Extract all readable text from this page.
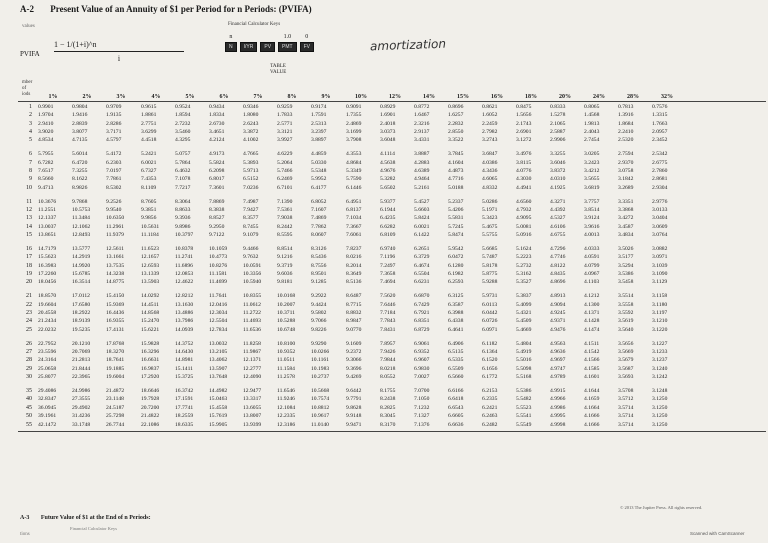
A-2 Present Value of an Annuity of $1 per Period for n Periods: (PVIFA)
values	Financial Calculator Keys
PVIFA
1 − 1/(1+i)^n
i
n
N	I/YR	PV
1.0
PMT
0
FV
TABLE
VALUE
amortization
mber
of
iods	1%	2%	3%	4%	5%	6%	7%	8%	9%	10%	12%	14%	15%	16%	18%	20%	24%	28%	32%
1 0.9901	0.9804	0.9709	0.9615	0.9524	0.9434	0.9346	0.9259	0.9174	0.9091	0.8929	0.8772	0.8696	0.8621	0.8475	0.8333	0.8065	0.7813	0.7576
2 1.9704	1.9416	1.9135	1.8861	1.8594	1.8334	1.8080	1.7833	1.7591	1.7355	1.6901	1.6467	1.6257	1.6052	1.5656	1.5278	1.4568	1.3916	1.3315
3 2.9410	2.8839	2.8286	2.7751	2.7232	2.6730	2.6243	2.5771	2.5313	2.4869	2.4018	2.3216	2.2832	2.2459	2.1743	2.1065	1.9813	1.8684	1.7663
4 3.9020	3.8077	3.7171	3.6299	3.5460	3.4651	3.3872	3.3121	3.2397	3.1699	3.0373	2.9137	2.8550	2.7982	2.6901	2.5887	2.4043	2.2410	2.0957
5 4.8534	4.7135	4.5797	4.4518	4.3295	4.2124	4.1002	3.9927	3.8897	3.7908	3.6048	3.4331	3.3522	3.2743	3.1272	2.9906	2.7454	2.5320	2.3452
6 5.7955	5.6014	5.4172	5.2421	5.0757	4.9173	4.7665	4.6229	4.4859	4.3553	4.1114	3.8887	3.7845	3.6847	3.4976	3.3255	3.0205	2.7594	2.5342
7 6.7282	6.4720	6.2303	6.0021	5.7864	5.5824	5.3893	5.2064	5.0330	4.8684	4.5638	4.2883	4.1604	4.0386	3.8115	3.6046	3.2423	2.9370	2.6775
8 7.6517	7.3255	7.0197	6.7327	6.4632	6.2098	5.9713	5.7466	5.5348	5.3349	4.9676	4.6389	4.4873	4.3436	4.0776	3.8372	3.4212	3.0758	2.7860
9 8.5660	8.1622	7.7861	7.4353	7.1078	6.8017	6.5152	6.2469	5.9952	5.7590	5.3282	4.9464	4.7716	4.6065	4.3030	4.0310	3.5655	3.1842	2.8681
10 9.4713	8.9826	8.5302	8.1109	7.7217	7.3601	7.0236	6.7101	6.4177	6.1446	5.6502	5.2161	5.0188	4.8332	4.4941	4.1925	3.6819	3.2689	2.9304
11 10.3676	9.7868	9.2526	8.7605	8.3064	7.8869	7.4987	7.1390	6.8052	6.4951	5.9377	5.4527	5.2337	5.0286	4.6560	4.3271	3.7757	3.3351	2.9776
12 11.2551	10.5753	9.9540	9.3851	8.8633	8.3838	7.9427	7.5361	7.1607	6.8137	6.1944	5.6603	5.4206	5.1971	4.7932	4.4392	3.8514	3.3868	3.0133
13 12.1337	11.3484	10.6350	9.9856	9.3936	8.8527	8.3577	7.9038	7.4869	7.1034	6.4235	5.8424	5.5831	5.3423	4.9095	4.5327	3.9124	3.4272	3.0404
14 13.0037	12.1062	11.2961	10.5631	9.8986	9.2950	8.7455	8.2442	7.7862	7.3667	6.6282	6.0021	5.7245	5.4675	5.0081	4.6106	3.9616	3.4587	3.0609
15 13.8651	12.8493	11.9379	11.1184	10.3797	9.7122	9.1079	8.5595	8.0607	7.6061	6.8109	6.1422	5.8474	5.5755	5.0916	4.6755	4.0013	3.4834	3.0764
16 14.7179	13.5777	12.5611	11.6523	10.8378	10.1059	9.4466	8.8514	8.3126	7.8237	6.9740	6.2651	5.9542	5.6685	5.1624	4.7296	4.0333	3.5026	3.0882
17 15.5623	14.2919	13.1661	12.1657	11.2741	10.4773	9.7632	9.1216	8.5436	8.0216	7.1196	6.3729	6.0472	5.7487	5.2223	4.7746	4.0591	3.5177	3.0971
18 16.3983	14.9920	13.7535	12.6593	11.6896	10.8276	10.0591	9.3719	8.7556	8.2014	7.2497	6.4674	6.1280	5.8178	5.2732	4.8122	4.0799	3.5294	3.1039
19 17.2260	15.6785	14.3238	13.1339	12.0853	11.1581	10.3356	9.6036	8.9501	8.3649	7.3658	6.5504	6.1982	5.8775	5.3162	4.8435	4.0967	3.5386	3.1090
20 18.0456	16.3514	14.8775	13.5903	12.4622	11.4699	10.5940	9.8181	9.1285	8.5136	7.4694	6.6231	6.2593	5.9288	5.3527	4.8696	4.1103	3.5458	3.1129
21 18.8570	17.0112	15.4150	14.0292	12.8212	11.7641	10.8355	10.0168	9.2922	8.6487	7.5620	6.6870	6.3125	5.9731	5.3837	4.8913	4.1212	3.5514	3.1158
22 19.6604	17.6580	15.9369	14.4511	13.1630	12.0416	11.0612	10.2007	9.4424	8.7715	7.6446	6.7429	6.3587	6.0113	5.4099	4.9094	4.1300	3.5558	3.1180
23 20.4558	18.2922	16.4436	14.8568	13.4886	12.3034	11.2722	10.3711	9.5802	8.8832	7.7184	6.7921	6.3988	6.0442	5.4321	4.9245	4.1371	3.5592	3.1197
24 21.2434	18.9139	16.9355	15.2470	13.7986	12.5504	11.4693	10.5288	9.7066	8.9847	7.7843	6.8351	6.4338	6.0726	5.4509	4.9371	4.1428	3.5619	3.1210
25 22.0232	19.5235	17.4131	15.6221	14.0939	12.7834	11.6536	10.6748	9.8226	9.0770	7.8431	6.8729	6.4641	6.0971	5.4669	4.9476	4.1474	3.5640	3.1220
26 22.7952	20.1210	17.8768	15.9828	14.3752	13.0032	11.8258	10.8100	9.9290	9.1609	7.8957	6.9061	6.4906	6.1182	5.4804	4.9563	4.1511	3.5656	3.1227
27 23.5596	20.7069	18.3270	16.3296	14.6430	13.2105	11.9867	10.9352	10.0266	9.2372	7.9426	6.9352	6.5135	6.1364	5.4919	4.9636	4.1542	3.5669	3.1233
28 24.3164	21.2813	18.7641	16.6631	14.8981	13.4062	12.1371	11.0511	10.1161	9.3066	7.9844	6.9607	6.5335	6.1520	5.5016	4.9697	4.1566	3.5679	3.1237
29 25.0658	21.8444	19.1885	16.9837	15.1411	13.5907	12.2777	11.1584	10.1983	9.3696	8.0218	6.9830	6.5509	6.1656	5.5098	4.9747	4.1585	3.5687	3.1240
30 25.8077	22.3965	19.6004	17.2920	15.3725	13.7648	12.4090	11.2578	10.2737	9.4269	8.0552	7.0027	6.5660	6.1772	5.5168	4.9789	4.1601	3.5693	3.1242
35 29.4086	24.9986	21.4872	18.6646	16.3742	14.4982	12.9477	11.6546	10.5668	9.6442	8.1755	7.0700	6.6166	6.2153	5.5386	4.9915	4.1644	3.5708	3.1248
40 32.8347	27.3555	23.1148	19.7928	17.1591	15.0463	13.3317	11.9246	10.7574	9.7791	8.2438	7.1050	6.6418	6.2335	5.5482	4.9966	4.1659	3.5712	3.1250
45 36.0945	29.4902	24.5187	20.7200	17.7741	15.4558	13.6055	12.1084	10.8812	9.8628	8.2825	7.1232	6.6543	6.2421	5.5523	4.9986	4.1664	3.5714	3.1250
50 39.1961	31.4236	25.7298	21.4822	18.2559	15.7619	13.8007	12.2335	10.9617	9.9148	8.3045	7.1327	6.6605	6.2463	5.5541	4.9995	4.1666	3.5714	3.1250
55 42.1472	33.1748	26.7744	22.1086	18.6335	15.9905	13.9399	12.3186	11.0140	9.9471	8.3170	7.1376	6.6636	6.2482	5.5549	4.9998	4.1666	3.5714	3.1250
© 2013 The Jupiter Press. All rights reserved.
A-3 Future Value of $1 at the End of n Periods:
Financial Calculator Keys
tions	Scanned with CamScanner
